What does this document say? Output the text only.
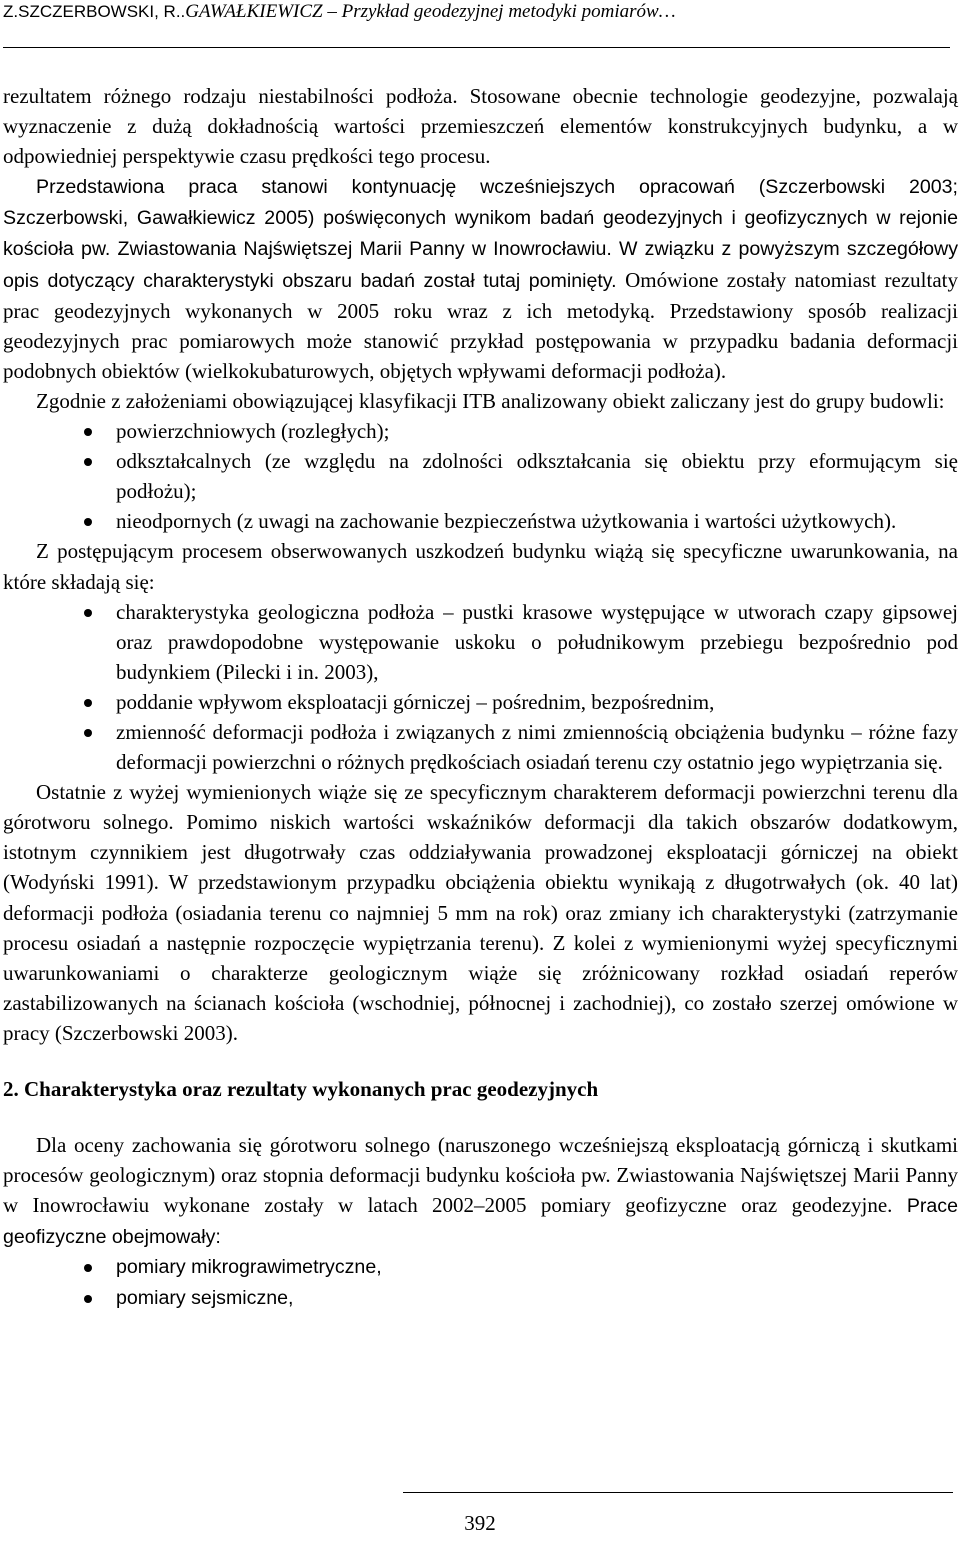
Z.SZCZERBOWSKI, R..GAWAŁKIEWICZ – Przykład geodezyjnej metodyki pomiarów…

rezultatem różnego rodzaju niestabilności podłoża. Stosowane obecnie technologie geodezyjne, pozwalają wyznaczenie z dużą dokładnością wartości przemieszczeń elementów konstrukcyjnych budynku, a w odpowiedniej perspektywie czasu prędkości tego procesu.

Przedstawiona praca stanowi kontynuację wcześniejszych opracowań (Szczerbowski 2003; Szczerbowski, Gawałkiewicz 2005) poświęconych wynikom badań geodezyjnych i geofizycznych w rejonie kościoła pw. Zwiastowania Najświętszej Marii Panny w Inowrocławiu. W związku z powyższym szczegółowy opis dotyczący charakterystyki obszaru badań został tutaj pominięty. Omówione zostały natomiast rezultaty prac geodezyjnych wykonanych w 2005 roku wraz z ich metodyką. Przedstawiony sposób realizacji geodezyjnych prac pomiarowych może stanowić przykład postępowania w przypadku badania deformacji podobnych obiektów (wielkokubaturowych, objętych wpływami deformacji podłoża).

Zgodnie z założeniami obowiązującej klasyfikacji ITB analizowany obiekt zaliczany jest do grupy budowli:

powierzchniowych (rozległych);
odkształcalnych (ze względu na zdolności odkształcania się obiektu przy eformującym się podłożu);
nieodpornych (z uwagi na zachowanie bezpieczeństwa użytkowania i wartości użytkowych).

Z postępującym procesem obserwowanych uszkodzeń budynku wiążą się specyficzne uwarunkowania, na które składają się:

charakterystyka geologiczna podłoża – pustki krasowe występujące w utworach czapy gipsowej oraz prawdopodobne występowanie uskoku o południkowym przebiegu bezpośrednio pod budynkiem (Pilecki i in. 2003),
poddanie wpływom eksploatacji górniczej – pośrednim, bezpośrednim,
zmienność deformacji podłoża i związanych z nimi zmiennością obciążenia budynku – różne fazy deformacji powierzchni o różnych prędkościach osiadań terenu czy ostatnio jego wypiętrzania się.

Ostatnie z wyżej wymienionych wiąże się ze specyficznym charakterem deformacji powierzchni terenu dla górotworu solnego. Pomimo niskich wartości wskaźników deformacji dla takich obszarów dodatkowym, istotnym czynnikiem jest długotrwały czas oddziaływania prowadzonej eksploatacji górniczej na obiekt (Wodyński 1991). W przedstawionym przypadku obciążenia obiektu wynikają z długotrwałych (ok. 40 lat) deformacji podłoża (osiadania terenu co najmniej 5 mm na rok) oraz zmiany ich charakterystyki (zatrzymanie procesu osiadań a następnie rozpoczęcie wypiętrzania terenu). Z kolei z wymienionymi wyżej specyficznymi uwarunkowaniami o charakterze geologicznym wiąże się zróżnicowany rozkład osiadań reperów zastabilizowanych na ścianach kościoła (wschodniej, północnej i zachodniej), co zostało szerzej omówione w pracy (Szczerbowski 2003).

2. Charakterystyka oraz rezultaty wykonanych prac geodezyjnych

Dla oceny zachowania się górotworu solnego (naruszonego wcześniejszą eksploatacją górniczą i skutkami procesów geologicznym) oraz stopnia deformacji budynku kościoła pw. Zwiastowania Najświętszej Marii Panny w Inowrocławiu wykonane zostały w latach 2002–2005 pomiary geofizyczne oraz geodezyjne. Prace geofizyczne obejmowały:

pomiary mikrograwimetryczne,
pomiary sejsmiczne,
392
